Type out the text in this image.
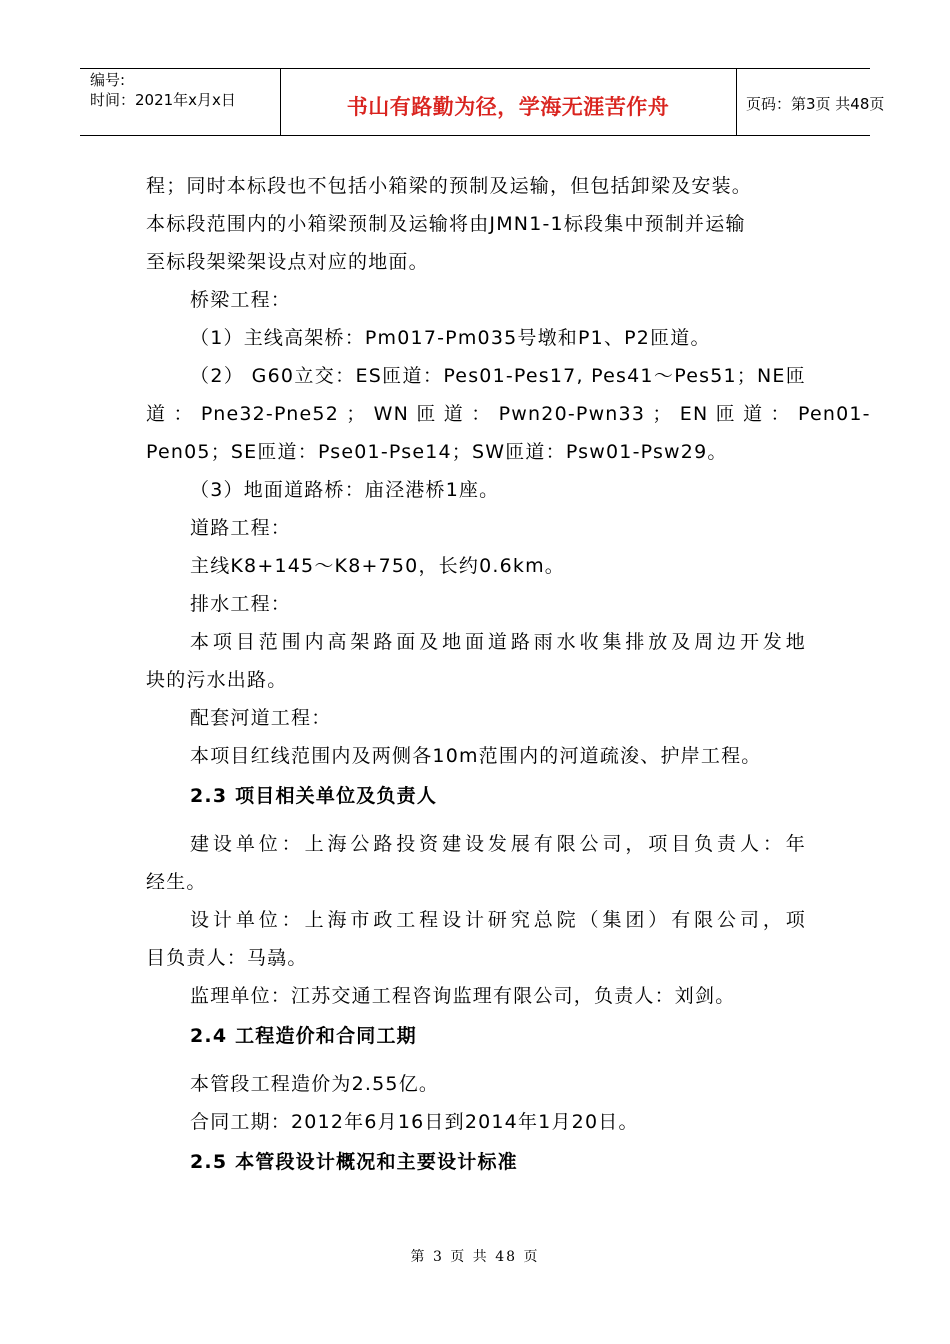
编号:
时间：2021年x月x日	书山有路勤为径，学海无涯苦作舟	页码：第3页 共48页
程；同时本标段也不包括小箱梁的预制及运输，但包括卸梁及安装。
本标段范围内的小箱梁预制及运输将由JMN1-1标段集中预制并运输
至标段架梁架设点对应的地面。
桥梁工程：
（1）主线高架桥：Pm017-Pm035号墩和P1、P2匝道。
（2） G60立交：ES匝道：Pes01-Pes17, Pes41～Pes51；NE匝
道 ： Pne32-Pne52 ； WN 匝 道 ： Pwn20-Pwn33 ； EN 匝 道 ： Pen01-
Pen05；SE匝道：Pse01-Pse14；SW匝道：Psw01-Psw29。
（3）地面道路桥：庙泾港桥1座。
道路工程：
主线K8+145～K8+750，长约0.6km。
排水工程：
本项目范围内高架路面及地面道路雨水收集排放及周边开发地
块的污水出路。
配套河道工程：
本项目红线范围内及两侧各10m范围内的河道疏浚、护岸工程。
2.3 项目相关单位及负责人
建设单位：上海公路投资建设发展有限公司，项目负责人：年
经生。
设计单位：上海市政工程设计研究总院（集团）有限公司，项
目负责人：马骉。
监理单位：江苏交通工程咨询监理有限公司，负责人：刘剑。
2.4 工程造价和合同工期
本管段工程造价为2.55亿。
合同工期：2012年6月16日到2014年1月20日。
2.5 本管段设计概况和主要设计标准
第 3 页 共 48 页
